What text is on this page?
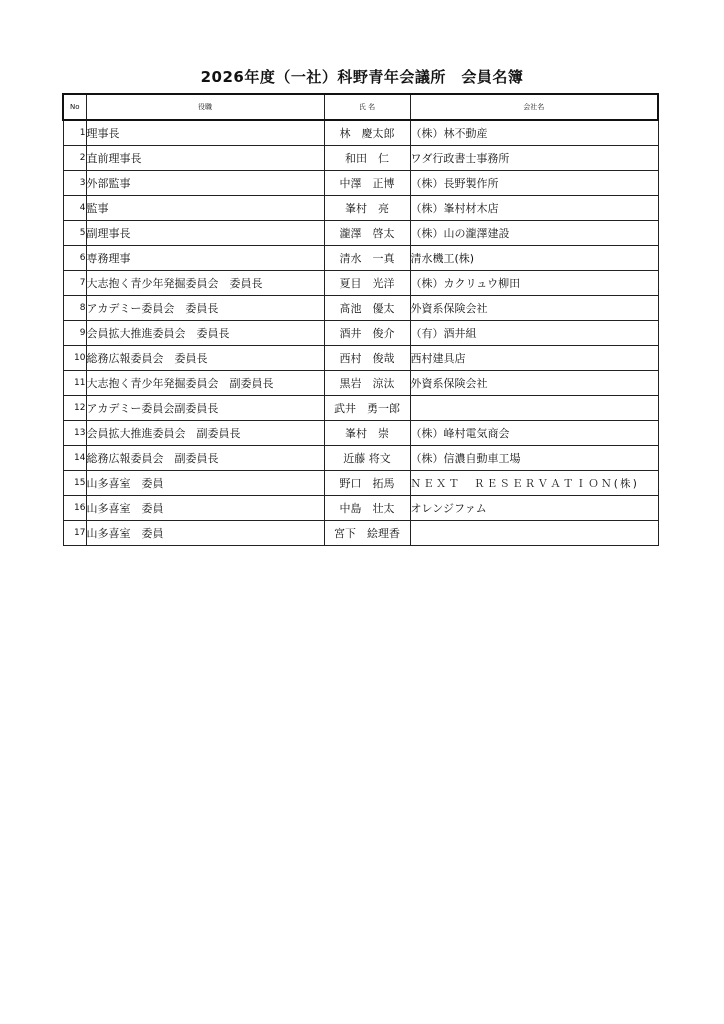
2026年度（一社）科野青年会議所　会員名簿
No	役職	氏 名	会社名
1	理事長	林　慶太郎	（株）林不動産
2	直前理事長	和田　仁	ワダ行政書士事務所
3	外部監事	中澤　正博	（株）長野製作所
4	監事	峯村　亮	（株）峯村材木店
5	副理事長	瀧澤　啓太	（株）山の瀧澤建設
6	専務理事	清水　一真	清水機工(株)
7	大志抱く青少年発掘委員会　委員長	夏目　光洋	（株）カクリュウ柳田
8	アカデミー委員会　委員長	髙池　優太	外資系保険会社
9	会員拡大推進委員会　委員長	酒井　俊介	（有）酒井組
10	総務広報委員会　委員長	西村　俊哉	西村建具店
11	大志抱く青少年発掘委員会　副委員長	黒岩　涼汰	外資系保険会社
12	アカデミー委員会副委員長	武井　勇一郎	
13	会員拡大推進委員会　副委員長	峯村　崇	（株）峰村電気商会
14	総務広報委員会　副委員長	近藤 将文	（株）信濃自動車工場
15	山多喜室　委員	野口　拓馬	ＮＥＸＴ　ＲＥＳＥＲＶＡＴＩＯＮ(株)
16	山多喜室　委員	中島　壮太	オレンジファム
17	山多喜室　委員	宮下　絵理香	
